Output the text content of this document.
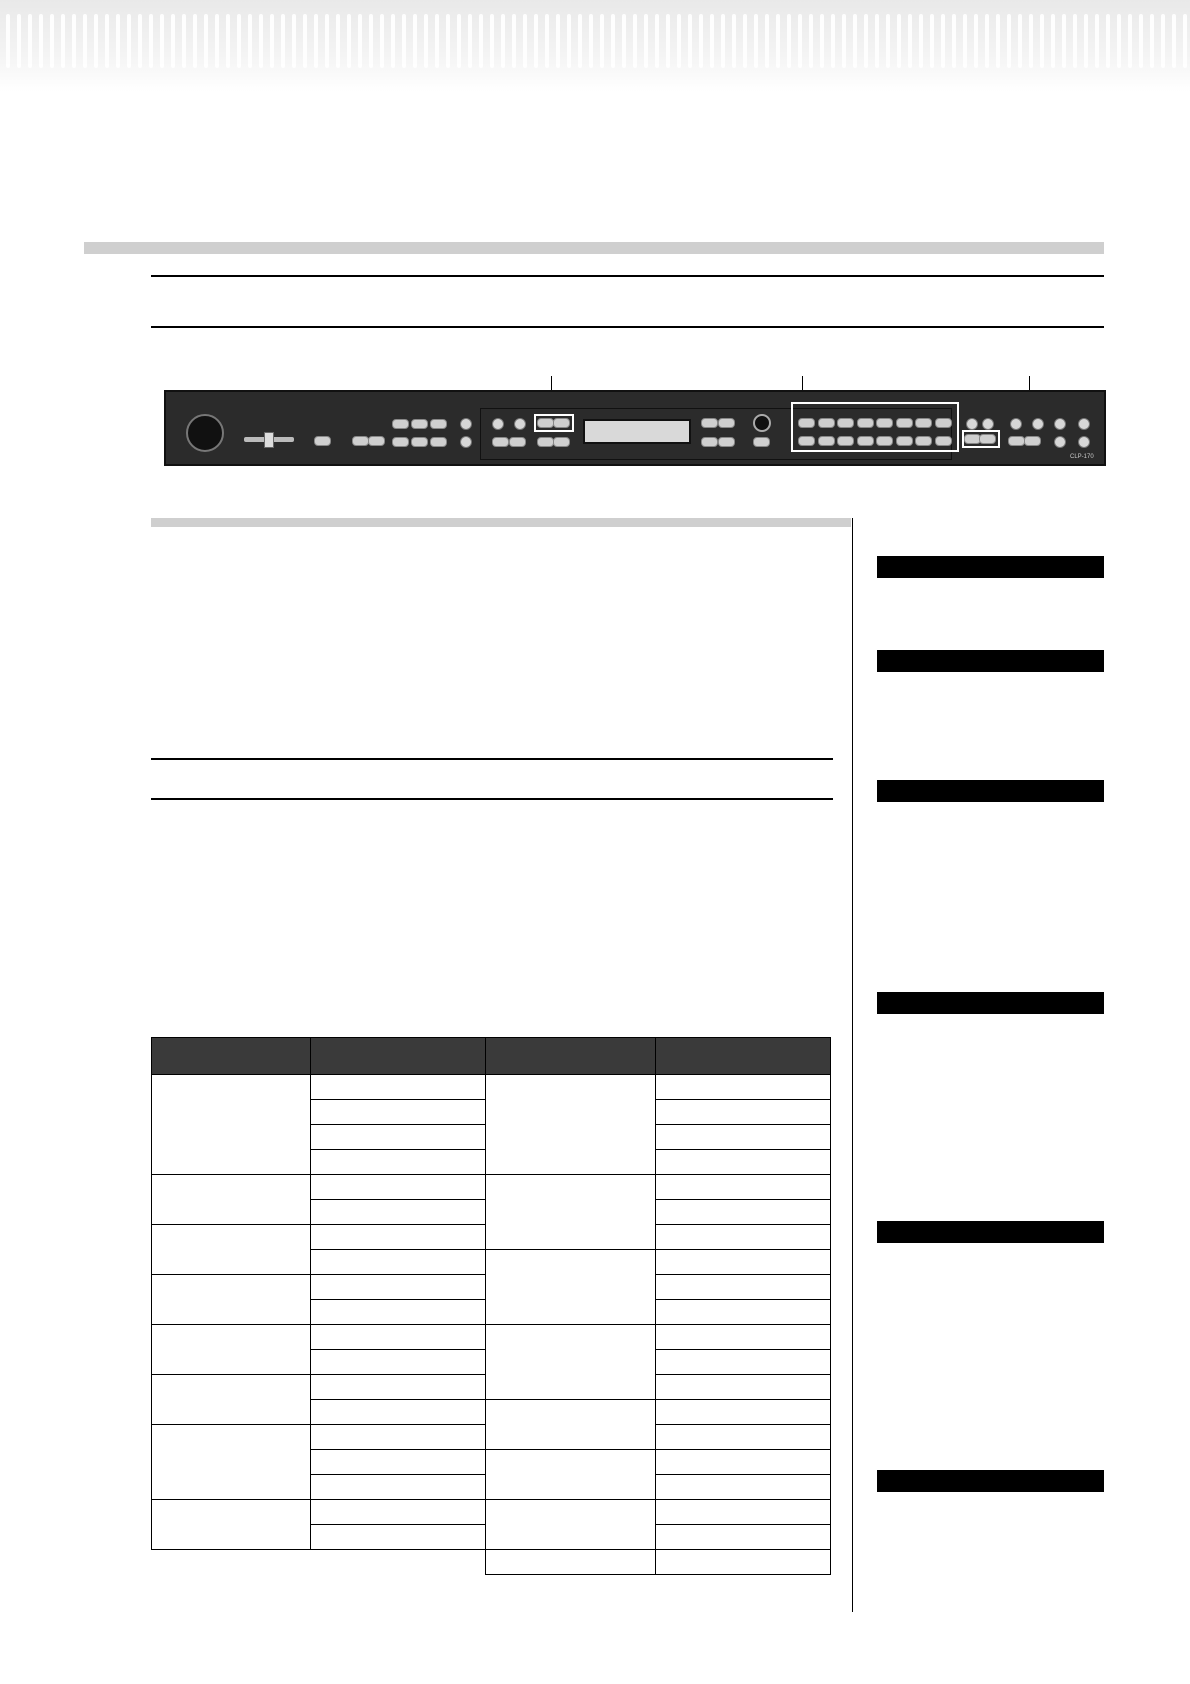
CLP-170
